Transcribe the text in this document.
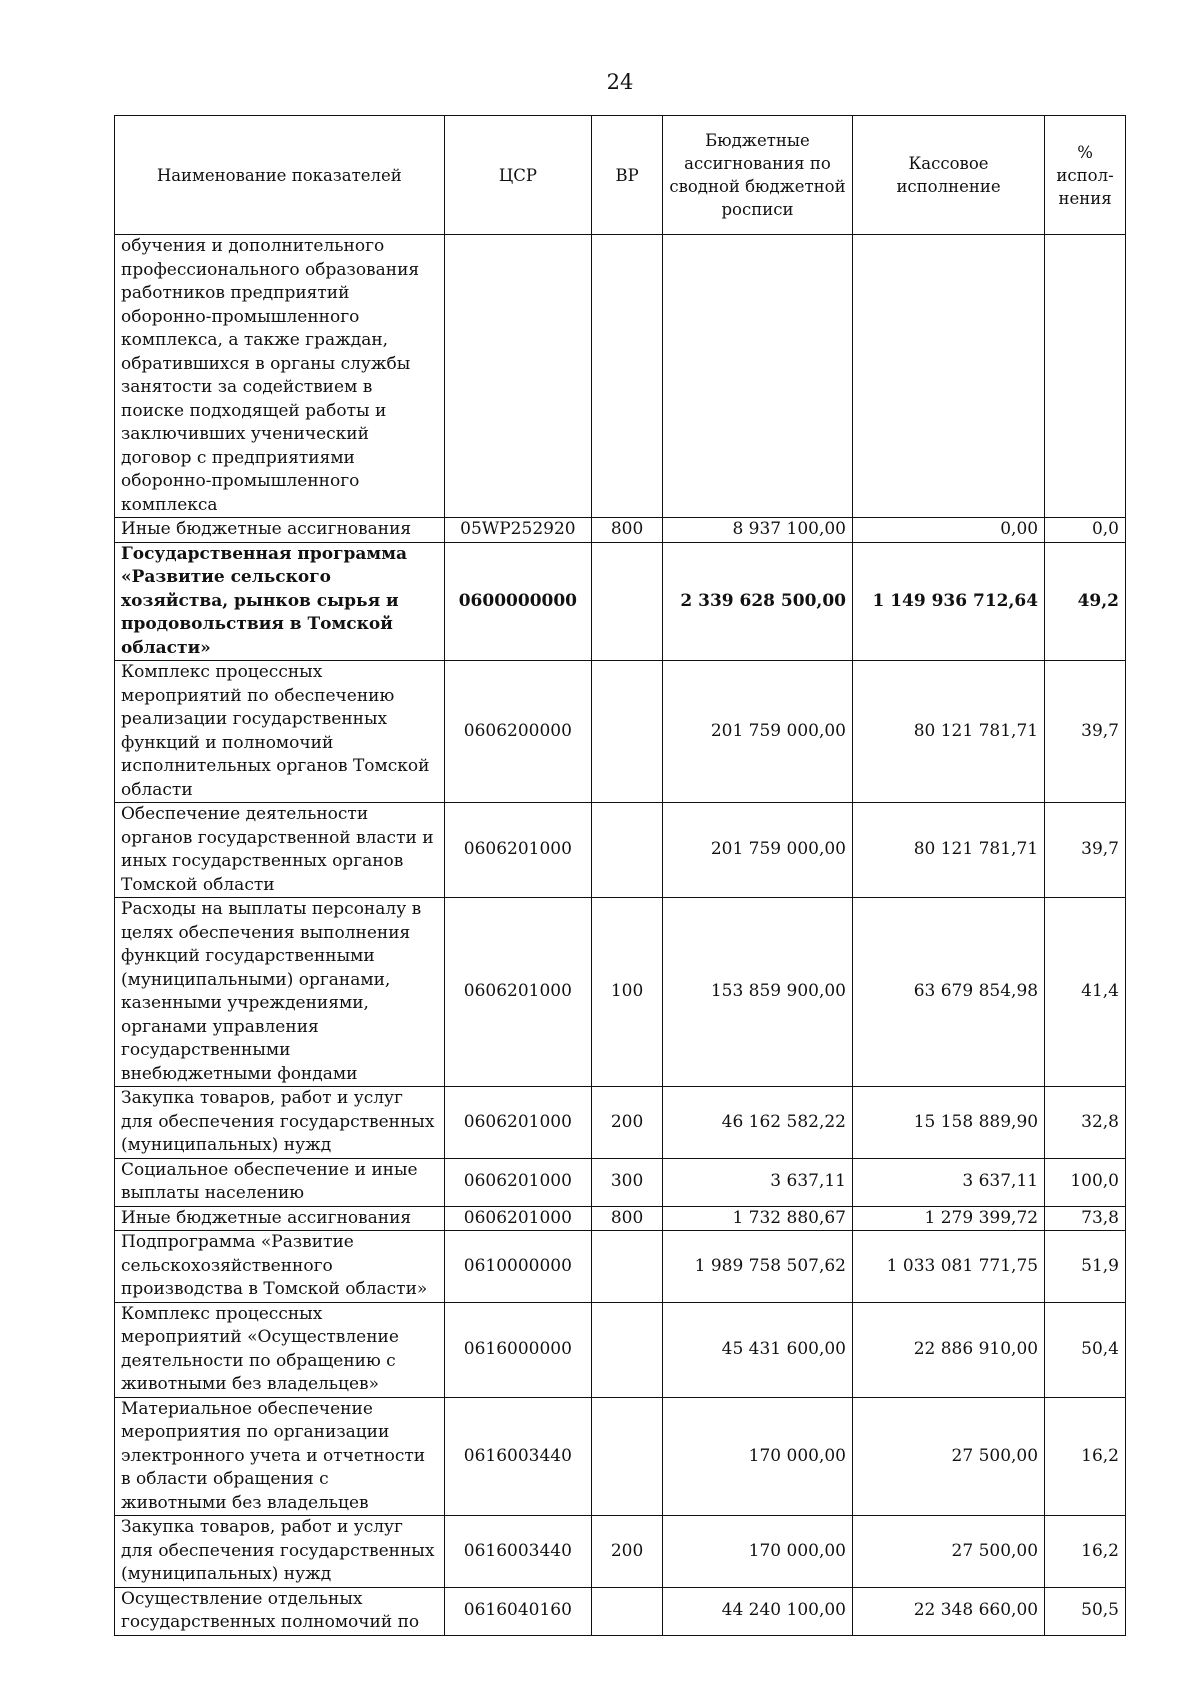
24
Наименование показателей	ЦСР	ВР	Бюджетные ассигнования по сводной бюджетной росписи	Кассовое исполнение	% испол-нения
обучения и дополнительного профессионального образования работников предприятий оборонно-промышленного комплекса, а также граждан, обратившихся в органы службы занятости за содействием в поиске подходящей работы и заключивших ученический договор с предприятиями оборонно-промышленного комплекса					
Иные бюджетные ассигнования	05WP252920	800	8 937 100,00	0,00	0,0
Государственная программа «Развитие сельского хозяйства, рынков сырья и продовольствия в Томской области»	0600000000		2 339 628 500,00	1 149 936 712,64	49,2
Комплекс процессных мероприятий по обеспечению реализации государственных функций и полномочий исполнительных органов Томской области	0606200000		201 759 000,00	80 121 781,71	39,7
Обеспечение деятельности органов государственной власти и иных государственных органов Томской области	0606201000		201 759 000,00	80 121 781,71	39,7
Расходы на выплаты персоналу в целях обеспечения выполнения функций государственными (муниципальными) органами, казенными учреждениями, органами управления государственными внебюджетными фондами	0606201000	100	153 859 900,00	63 679 854,98	41,4
Закупка товаров, работ и услуг для обеспечения государственных (муниципальных) нужд	0606201000	200	46 162 582,22	15 158 889,90	32,8
Социальное обеспечение и иные выплаты населению	0606201000	300	3 637,11	3 637,11	100,0
Иные бюджетные ассигнования	0606201000	800	1 732 880,67	1 279 399,72	73,8
Подпрограмма «Развитие сельскохозяйственного производства в Томской области»	0610000000		1 989 758 507,62	1 033 081 771,75	51,9
Комплекс процессных мероприятий «Осуществление деятельности по обращению с животными без владельцев»	0616000000		45 431 600,00	22 886 910,00	50,4
Материальное обеспечение мероприятия по организации электронного учета и отчетности в области обращения с животными без владельцев	0616003440		170 000,00	27 500,00	16,2
Закупка товаров, работ и услуг для обеспечения государственных (муниципальных) нужд	0616003440	200	170 000,00	27 500,00	16,2
Осуществление отдельных государственных полномочий по	0616040160		44 240 100,00	22 348 660,00	50,5
